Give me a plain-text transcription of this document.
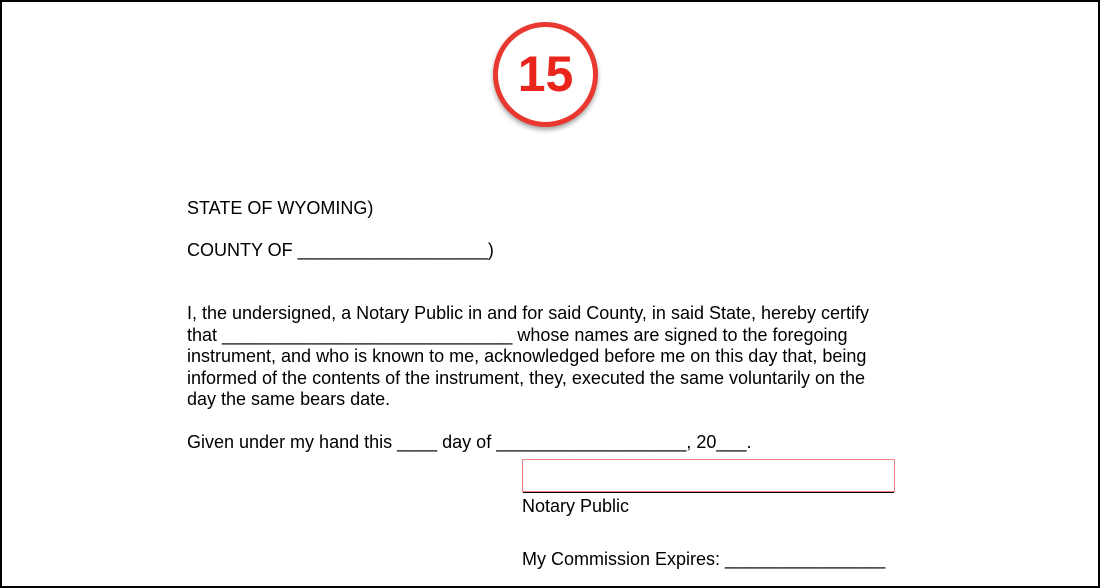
15
STATE OF WYOMING)
COUNTY OF ___________________)
I, the undersigned, a Notary Public in and for said County, in said State, hereby certify
that _____________________________ whose names are signed to the foregoing
instrument, and who is known to me, acknowledged before me on this day that, being
informed of the contents of the instrument, they, executed the same voluntarily on the
day the same bears date.
Given under my hand this ____ day of ___________________, 20___.
Notary Public
My Commission Expires: ________________
